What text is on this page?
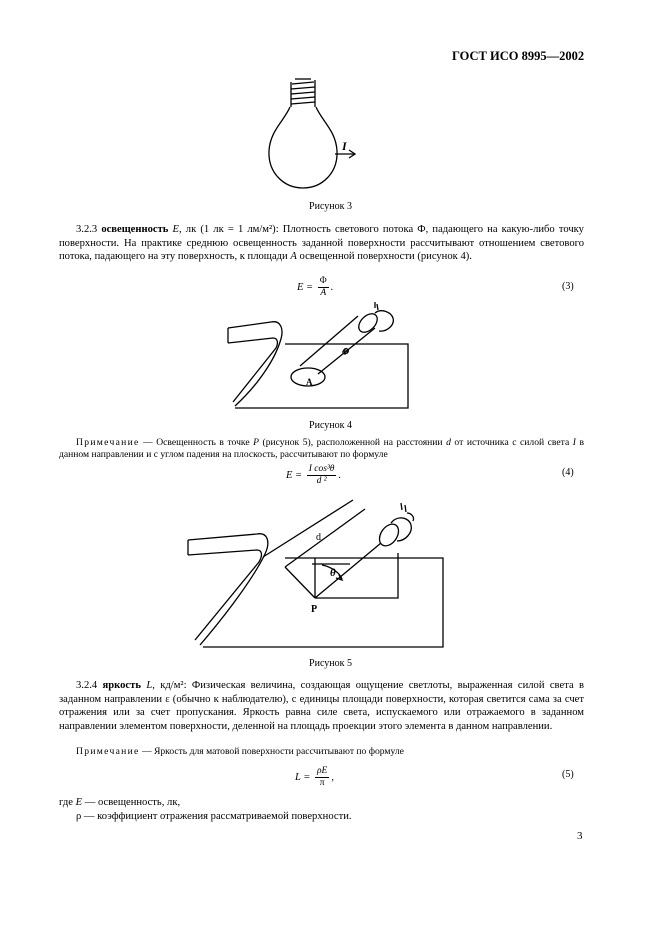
ГОСТ ИСО 8995—2002
I
Рисунок 3
3.2.3 освещенность E, лк (1 лк = 1 лм/м²): Плотность светового потока Ф, падающего на какую-либо точку поверхности. На практике среднюю освещенность заданной поверхности рассчитывают отношением светового потока, падающего на эту поверхность, к площади A освещенной поверхности (рисунок 4).
$E = \frac{\Phi}{A}$ .	(3)
Φ
A
Рисунок 4
Примечание — Освещенность в точке P (рисунок 5), расположенной на расстоянии d от источника с силой света I в данном направлении и с углом падения на плоскость, рассчитывают по формуле
$E = \frac{\text{I cos³θ}}{\text{d ²}}$ .	(4)
d
θ
P
Рисунок 5
3.2.4 яркость L, кд/м²: Физическая величина, создающая ощущение светлоты, выраженная силой света в заданном направлении ε (обычно к наблюдателю), с единицы площади поверхности, которая светится сама за счет отражения или за счет пропускания. Яркость равна силе света, испускаемого или отражаемого в заданном направлении элементом поверхности, деленной на площадь проекции этого элемента в данном направлении.
Примечание — Яркость для матовой поверхности рассчитывают по формуле
$L = \frac{\rho E}{\pi}$ ,	(5)
где E — освещенность, лк,
ρ — коэффициент отражения рассматриваемой поверхности.
3
